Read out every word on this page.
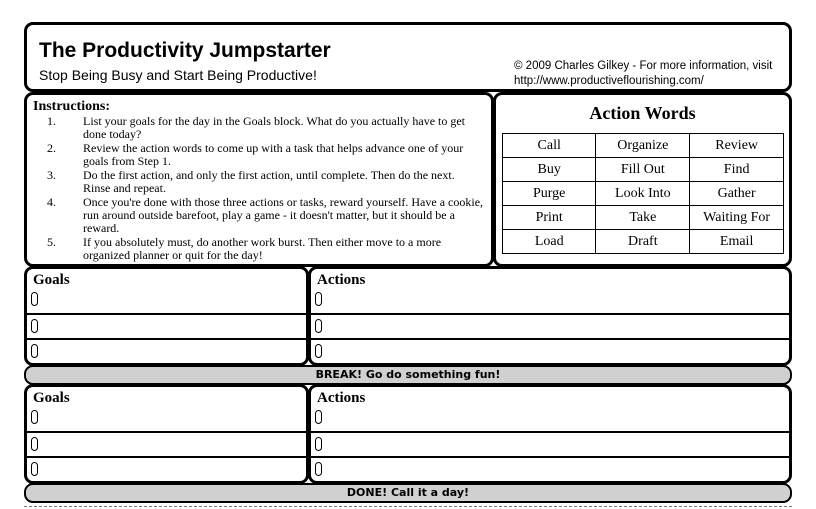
The Productivity Jumpstarter
Stop Being Busy and Start Being Productive!
© 2009 Charles Gilkey - For more information, visit
http://www.productiveflourishing.com/
Instructions:
1. List your goals for the day in the Goals block. What do you actually have to get done today?
2. Review the action words to come up with a task that helps advance one of your goals from Step 1.
3. Do the first action, and only the first action, until complete. Then do the next. Rinse and repeat.
4. Once you're done with those three actions or tasks, reward yourself. Have a cookie, run around outside barefoot, play a game - it doesn't matter, but it should be a reward.
5. If you absolutely must, do another work burst. Then either move to a more organized planner or quit for the day!
Action Words
Call	Organize	Review
Buy	Fill Out	Find
Purge	Look Into	Gather
Print	Take	Waiting For
Load	Draft	Email
Goals	Actions
BREAK! Go do something fun!
Goals	Actions
DONE! Call it a day!
